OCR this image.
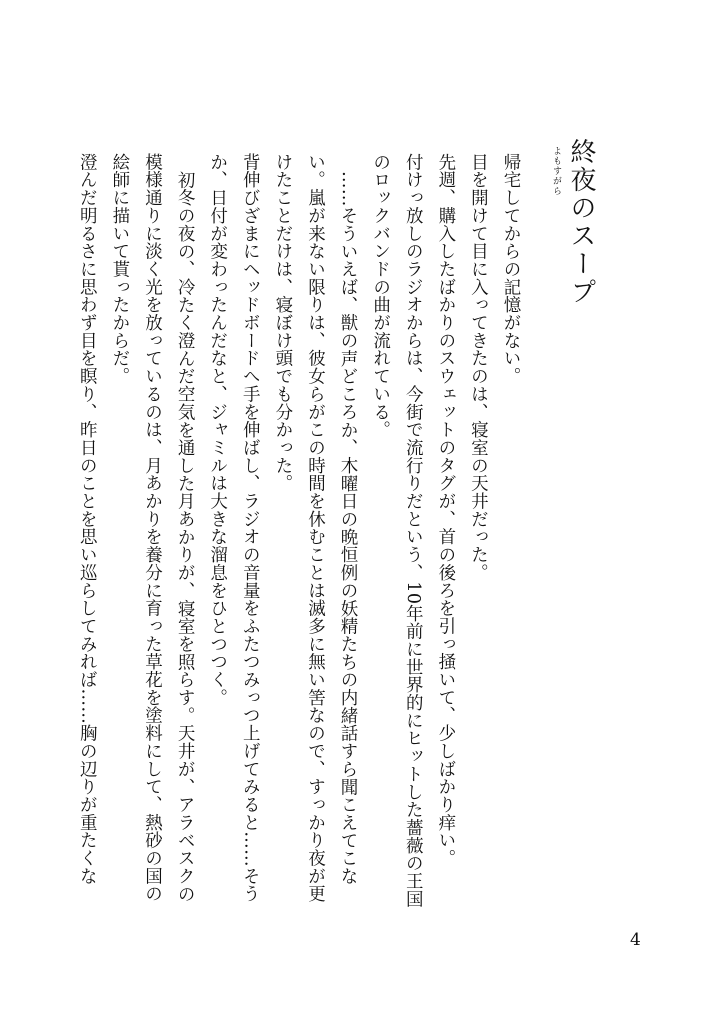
よもすがら 終夜のスープ

帰宅してからの記憶がない。

目を開けて目に入ってきたのは、寝室の天井だった。

先週、購入したばかりのスウェットのタグが、首の後ろを引っ掻いて、少しばかり痒い。

付けっ放しのラジオからは、今街で流行りだという、10年前に世界的にヒットした薔薇の王国のロックバンドの曲が流れている。

……そういえば、獣の声どころか、木曜日の晩恒例の妖精たちの内緒話すら聞こえてこない。嵐が来ない限りは、彼女らがこの時間を休むことは滅多に無い筈なので、すっかり夜が更けたことだけは、寝ぼけ頭でも分かった。

背伸びざまにヘッドボードへ手を伸ばし、ラジオの音量をふたつみっつ上げてみると……そうか、日付が変わったんだなと、ジャミルは大きな溜息をひとつつく。

初冬の夜の、冷たく澄んだ空気を通した月あかりが、寝室を照らす。天井が、アラベスクの模様通りに淡く光を放っているのは、月あかりを養分に育った草花を塗料にして、熱砂の国の絵師に描いて貰ったからだ。

澄んだ明るさに思わず目を瞑り、昨日のことを思い巡らしてみれば……胸の辺りが重たくな

4
